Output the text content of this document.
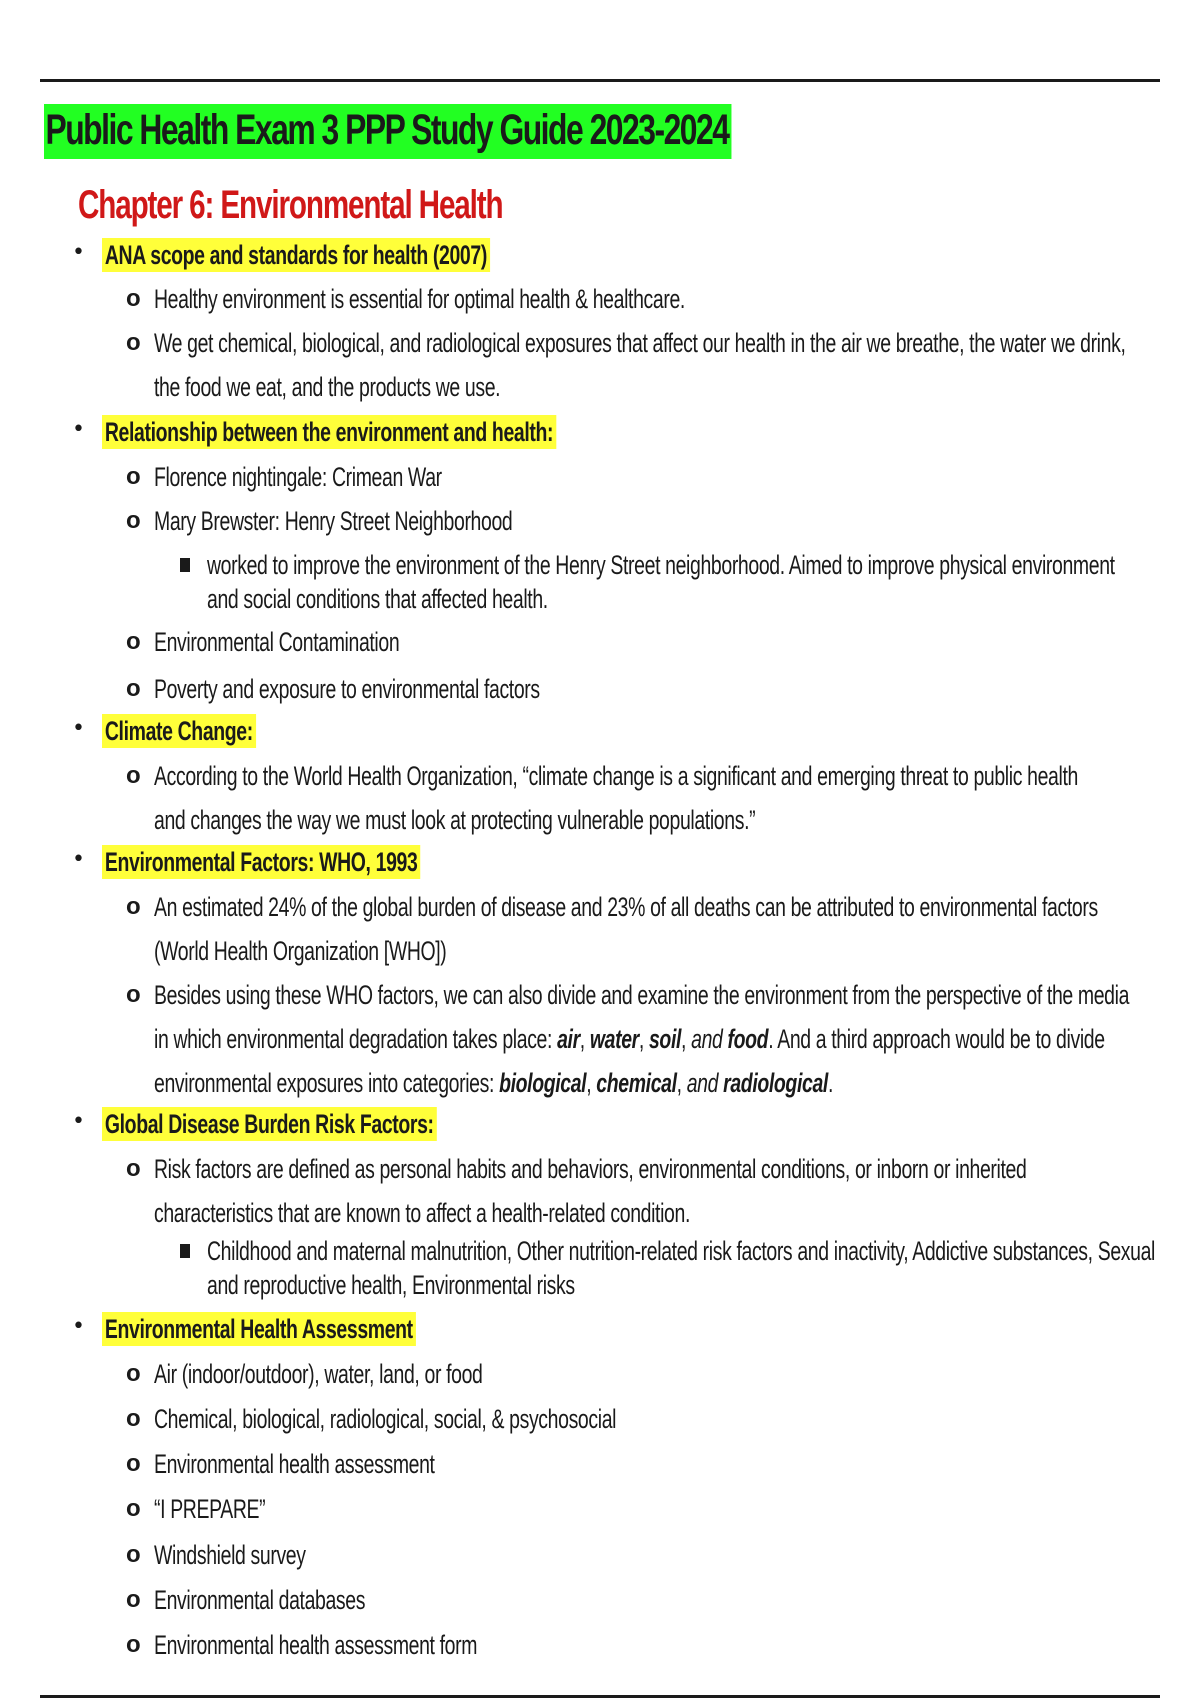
Public Health Exam 3 PPP Study Guide 2023-2024
Chapter 6: Environmental Health
• ANA scope and standards for health (2007)
o Healthy environment is essential for optimal health & healthcare.
o We get chemical, biological, and radiological exposures that affect our health in the air we breathe, the water we drink,
the food we eat, and the products we use.
• Relationship between the environment and health:
o Florence nightingale: Crimean War
o Mary Brewster: Henry Street Neighborhood
worked to improve the environment of the Henry Street neighborhood. Aimed to improve physical environment
and social conditions that affected health.
o Environmental Contamination
o Poverty and exposure to environmental factors
• Climate Change:
o According to the World Health Organization, “climate change is a significant and emerging threat to public health
and changes the way we must look at protecting vulnerable populations.”
• Environmental Factors: WHO, 1993
o An estimated 24% of the global burden of disease and 23% of all deaths can be attributed to environmental factors
(World Health Organization [WHO])
o Besides using these WHO factors, we can also divide and examine the environment from the perspective of the media
in which environmental degradation takes place: air, water, soil, and food. And a third approach would be to divide
environmental exposures into categories: biological, chemical, and radiological.
• Global Disease Burden Risk Factors:
o Risk factors are defined as personal habits and behaviors, environmental conditions, or inborn or inherited
characteristics that are known to affect a health-related condition.
Childhood and maternal malnutrition, Other nutrition-related risk factors and inactivity, Addictive substances, Sexual
and reproductive health, Environmental risks
• Environmental Health Assessment
o Air (indoor/outdoor), water, land, or food
o Chemical, biological, radiological, social, & psychosocial
o Environmental health assessment
o “I PREPARE”
o Windshield survey
o Environmental databases
o Environmental health assessment form
